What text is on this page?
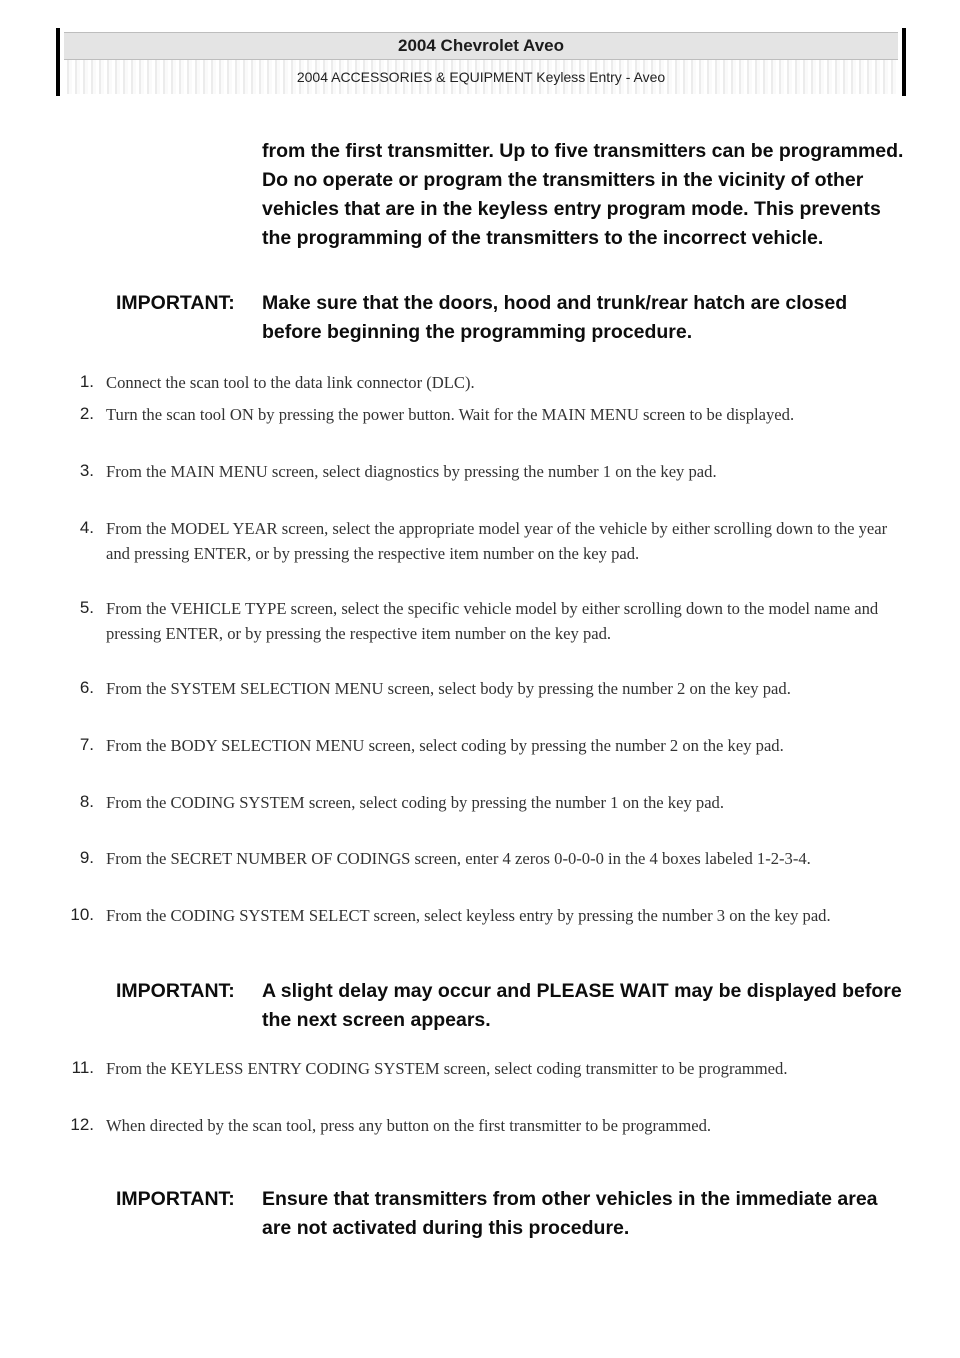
2004 Chevrolet Aveo
2004 ACCESSORIES & EQUIPMENT Keyless Entry - Aveo
from the first transmitter. Up to five transmitters can be programmed. Do no operate or program the transmitters in the vicinity of other vehicles that are in the keyless entry program mode. This prevents the programming of the transmitters to the incorrect vehicle.
IMPORTANT:	Make sure that the doors, hood and trunk/rear hatch are closed before beginning the programming procedure.
1. Connect the scan tool to the data link connector (DLC).
2. Turn the scan tool ON by pressing the power button. Wait for the MAIN MENU screen to be displayed.
3. From the MAIN MENU screen, select diagnostics by pressing the number 1 on the key pad.
4. From the MODEL YEAR screen, select the appropriate model year of the vehicle by either scrolling down to the year and pressing ENTER, or by pressing the respective item number on the key pad.
5. From the VEHICLE TYPE screen, select the specific vehicle model by either scrolling down to the model name and pressing ENTER, or by pressing the respective item number on the key pad.
6. From the SYSTEM SELECTION MENU screen, select body by pressing the number 2 on the key pad.
7. From the BODY SELECTION MENU screen, select coding by pressing the number 2 on the key pad.
8. From the CODING SYSTEM screen, select coding by pressing the number 1 on the key pad.
9. From the SECRET NUMBER OF CODINGS screen, enter 4 zeros 0-0-0-0 in the 4 boxes labeled 1-2-3-4.
10. From the CODING SYSTEM SELECT screen, select keyless entry by pressing the number 3 on the key pad.
IMPORTANT:	A slight delay may occur and PLEASE WAIT may be displayed before the next screen appears.
11. From the KEYLESS ENTRY CODING SYSTEM screen, select coding transmitter to be programmed.
12. When directed by the scan tool, press any button on the first transmitter to be programmed.
IMPORTANT:	Ensure that transmitters from other vehicles in the immediate area are not activated during this procedure.
